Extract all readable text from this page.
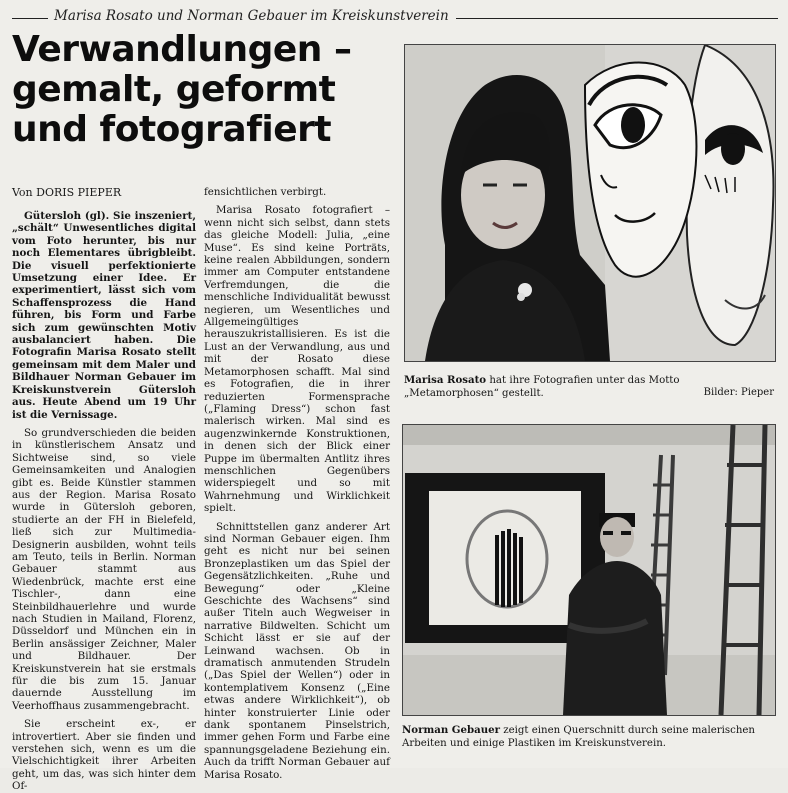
Marisa Rosato und Norman Gebauer im Kreiskunstverein
Verwandlungen –
gemalt, geformt
und fotografiert
Von DORIS PIEPER

Gütersloh (gl). Sie inszeniert, „schält“ Unwesentliches digital vom Foto herunter, bis nur noch Elementares übrigbleibt. Die visuell perfektionierte Umsetzung einer Idee. Er experimentiert, lässt sich vom Schaffensprozess die Hand führen, bis Form und Farbe sich zum gewünschten Motiv ausbalanciert haben. Die Fotografin Marisa Rosato stellt gemeinsam mit dem Maler und Bildhauer Norman Gebauer im Kreiskunstverein Gütersloh aus. Heute Abend um 19 Uhr ist die Vernissage.

So grundverschieden die beiden in künstlerischem Ansatz und Sichtweise sind, so viele Gemeinsamkeiten und Analogien gibt es. Beide Künstler stammen aus der Region. Marisa Rosato wurde in Gütersloh geboren, studierte an der FH in Bielefeld, ließ sich zur Multimedia-Designerin ausbilden, wohnt teils am Teuto, teils in Berlin. Norman Gebauer stammt aus Wiedenbrück, machte erst eine Tischler-, dann eine Steinbildhauerlehre und wurde nach Studien in Mailand, Florenz, Düsseldorf und München ein in Berlin ansässiger Zeichner, Maler und Bildhauer. Der Kreiskunstverein hat sie erstmals für die bis zum 15. Januar dauernde Ausstellung im Veerhoffhaus zusammengebracht.

Sie erscheint ex-, er introvertiert. Aber sie finden und verstehen sich, wenn es um die Vielschichtigkeit ihrer Arbeiten geht, um das, was sich hinter dem Of-

fensichtlichen verbirgt.

Marisa Rosato fotografiert – wenn nicht sich selbst, dann stets das gleiche Modell: Julia, „eine Muse“. Es sind keine Porträts, keine realen Abbildungen, sondern immer am Computer entstandene Verfremdungen, die die menschliche Individualität bewusst negieren, um Wesentliches und Allgemeingültiges herauszukristallisieren. Es ist die Lust an der Verwandlung, aus und mit der Rosato diese Metamorphosen schafft. Mal sind es Fotografien, die in ihrer reduzierten Formensprache („Flaming Dress“) schon fast malerisch wirken. Mal sind es augenzwinkernde Konstruktionen, in denen sich der Blick einer Puppe im übermalten Antlitz ihres menschlichen Gegenübers widerspiegelt und so mit Wahrnehmung und Wirklichkeit spielt.

Schnittstellen ganz anderer Art sind Norman Gebauer eigen. Ihm geht es nicht nur bei seinen Bronzeplastiken um das Spiel der Gegensätzlichkeiten. „Ruhe und Bewegung“ oder „Kleine Geschichte des Wachsens“ sind außer Titeln auch Wegweiser in narrative Bildwelten. Schicht um Schicht lässt er sie auf der Leinwand wachsen. Ob in dramatisch anmutenden Strudeln („Das Spiel der Wellen“) oder in kontemplativem Konsenz („Eine etwas andere Wirklichkeit“), ob hinter konstruierter Linie oder dank spontanem Pinselstrich, immer gehen Form und Farbe eine spannungsgeladene Beziehung ein. Auch da trifft Norman Gebauer auf Marisa Rosato.

Marisa Rosato hat ihre Fotografien unter das Motto „Metamorphosen“ gestellt.	Bilder: Pieper
Norman Gebauer zeigt einen Querschnitt durch seine malerischen Arbeiten und einige Plastiken im Kreiskunstverein.
